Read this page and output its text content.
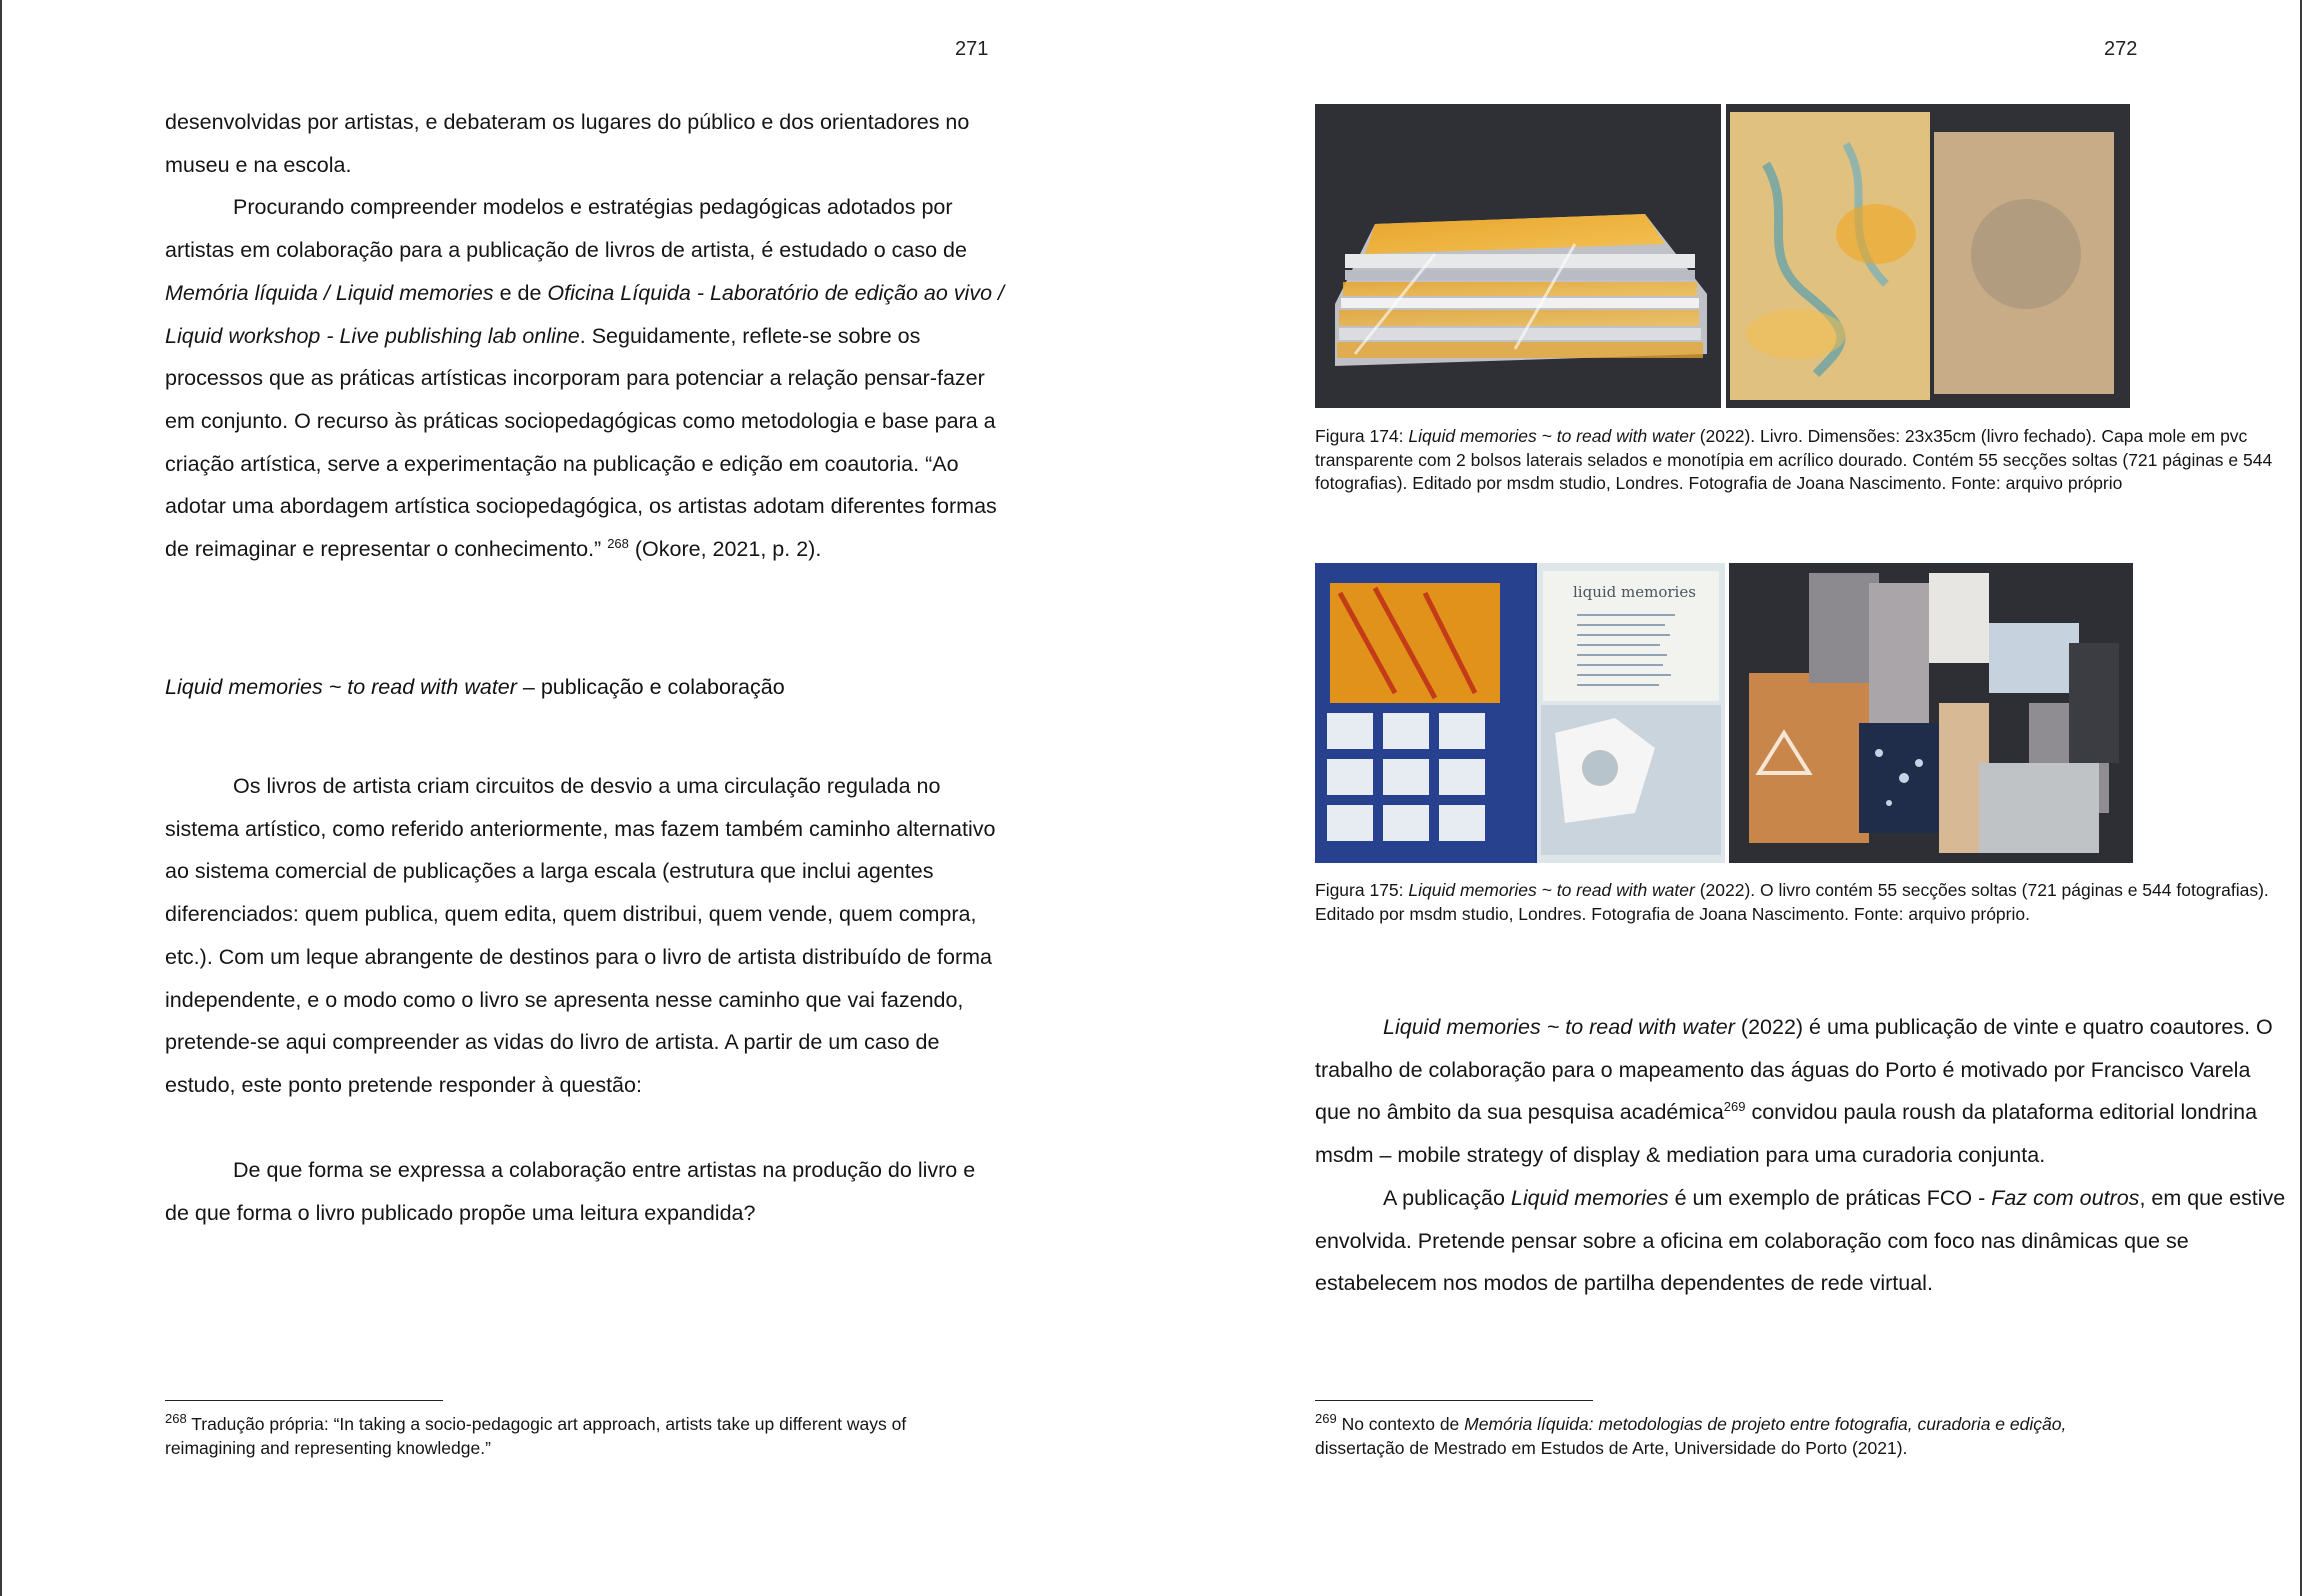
271

desenvolvidas por artistas, e debateram os lugares do público e dos orientadores no museu e na escola.

Procurando compreender modelos e estratégias pedagógicas adotados por artistas em colaboração para a publicação de livros de artista, é estudado o caso de Memória líquida / Liquid memories e de Oficina Líquida - Laboratório de edição ao vivo / Liquid workshop - Live publishing lab online. Seguidamente, reflete-se sobre os processos que as práticas artísticas incorporam para potenciar a relação pensar-fazer em conjunto. O recurso às práticas sociopedagógicas como metodologia e base para a criação artística, serve a experimentação na publicação e edição em coautoria. “Ao adotar uma abordagem artística sociopedagógica, os artistas adotam diferentes formas de reimaginar e representar o conhecimento.” $^{268}$ (Okore, 2021, p. 2).

Liquid memories ~ to read with water – publicação e colaboração

Os livros de artista criam circuitos de desvio a uma circulação regulada no sistema artístico, como referido anteriormente, mas fazem também caminho alternativo ao sistema comercial de publicações a larga escala (estrutura que inclui agentes diferenciados: quem publica, quem edita, quem distribui, quem vende, quem compra, etc.). Com um leque abrangente de destinos para o livro de artista distribuído de forma independente, e o modo como o livro se apresenta nesse caminho que vai fazendo, pretende-se aqui compreender as vidas do livro de artista. A partir de um caso de estudo, este ponto pretende responder à questão:

De que forma se expressa a colaboração entre artistas na produção do livro e de que forma o livro publicado propõe uma leitura expandida?

$^{268}$ Tradução própria: “In taking a socio-pedagogic art approach, artists take up different ways of reimagining and representing knowledge.”
272
Figura 174: Liquid memories ~ to read with water (2022). Livro. Dimensões: 23x35cm (livro fechado). Capa mole em pvc transparente com 2 bolsos laterais selados e monotípia em acrílico dourado. Contém 55 secções soltas (721 páginas e 544 fotografias). Editado por msdm studio, Londres. Fotografia de Joana Nascimento. Fonte: arquivo próprio
liquid memories
Figura 175: Liquid memories ~ to read with water (2022). O livro contém 55 secções soltas (721 páginas e 544 fotografias). Editado por msdm studio, Londres. Fotografia de Joana Nascimento. Fonte: arquivo próprio.

Liquid memories ~ to read with water (2022) é uma publicação de vinte e quatro coautores. O trabalho de colaboração para o mapeamento das águas do Porto é motivado por Francisco Varela que no âmbito da sua pesquisa académica$^{269}$ convidou paula roush da plataforma editorial londrina msdm – mobile strategy of display & mediation para uma curadoria conjunta.

A publicação Liquid memories é um exemplo de práticas FCO - Faz com outros, em que estive envolvida. Pretende pensar sobre a oficina em colaboração com foco nas dinâmicas que se estabelecem nos modos de partilha dependentes de rede virtual.

$^{269}$ No contexto de Memória líquida: metodologias de projeto entre fotografia, curadoria e edição, dissertação de Mestrado em Estudos de Arte, Universidade do Porto (2021).
